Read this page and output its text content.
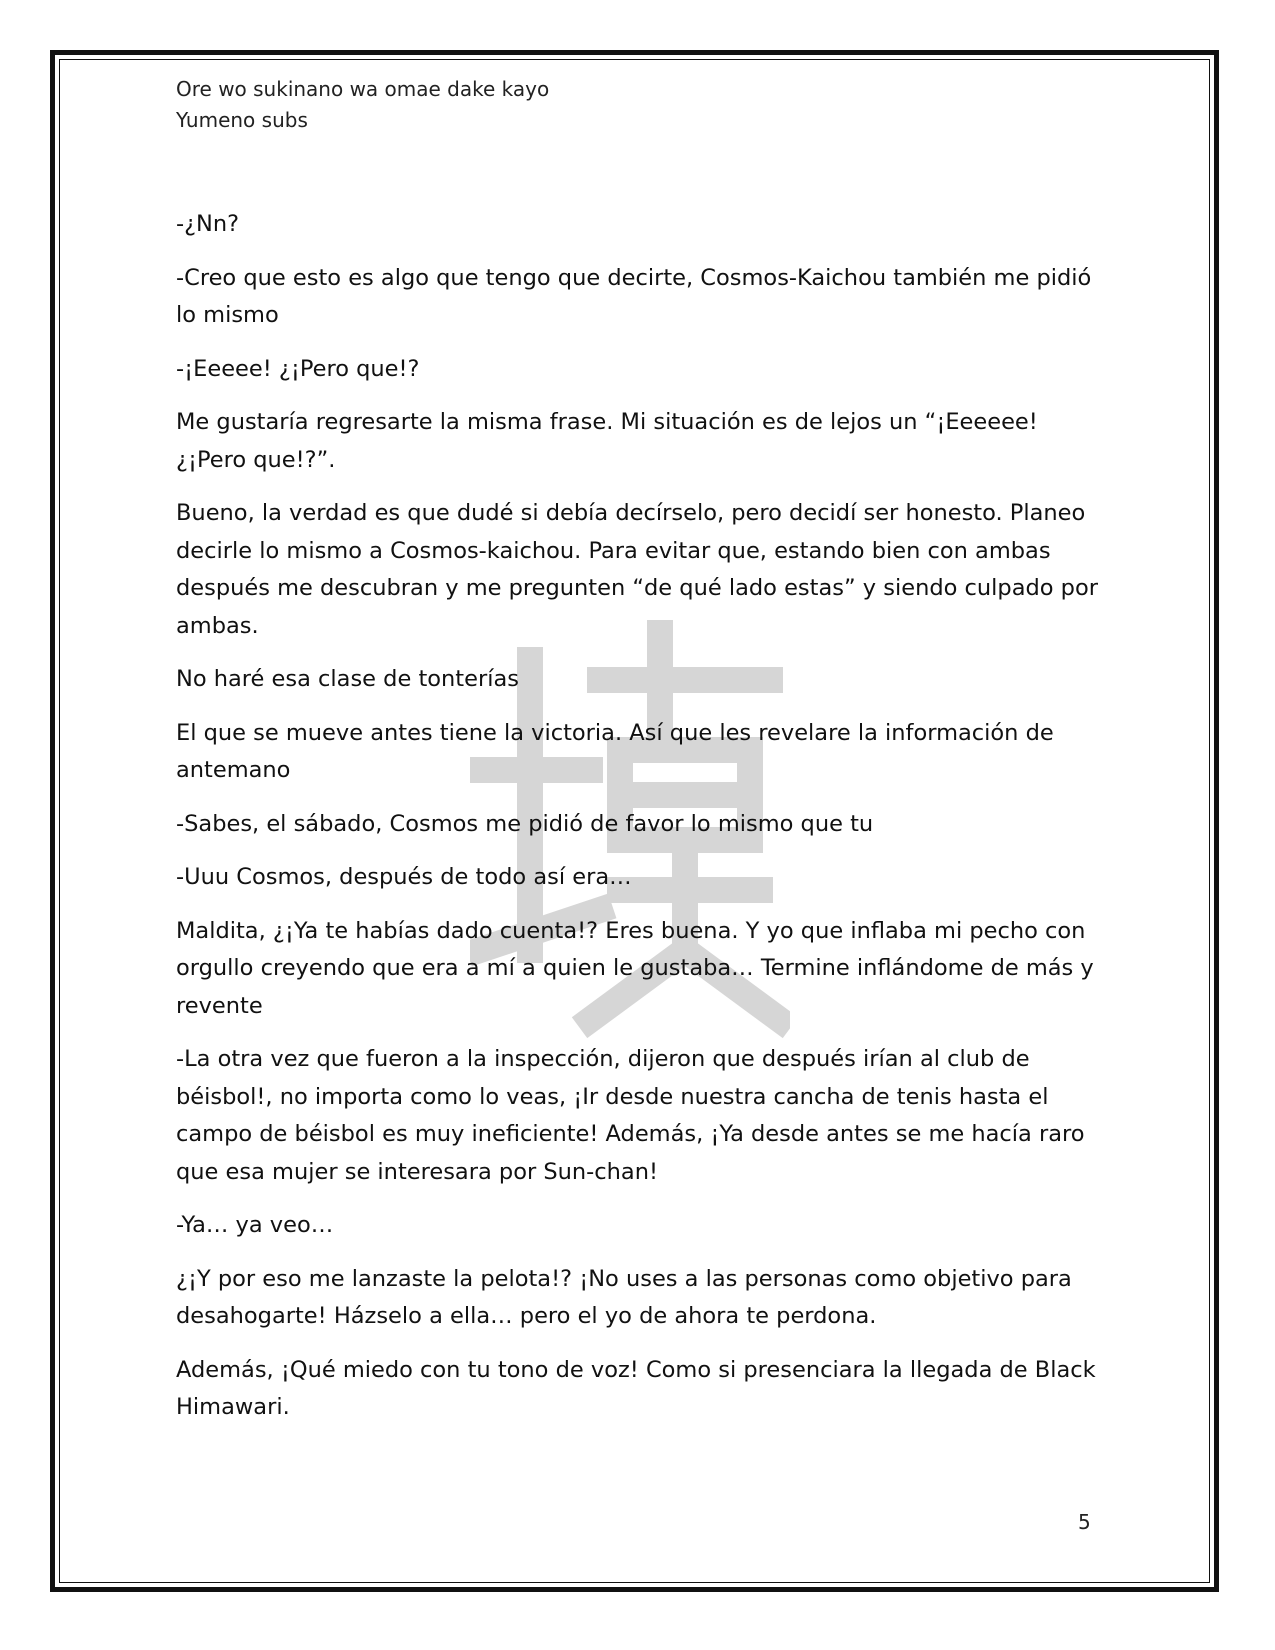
Ore wo sukinano wa omae dake kayo
Yumeno subs

-¿Nn?

-Creo que esto es algo que tengo que decirte, Cosmos-Kaichou también me pidió lo mismo

-¡Eeeee! ¿¡Pero que!?

Me gustaría regresarte la misma frase. Mi situación es de lejos un “¡Eeeeee! ¿¡Pero que!?”.

Bueno, la verdad es que dudé si debía decírselo, pero decidí ser honesto. Planeo decirle lo mismo a Cosmos-kaichou. Para evitar que, estando bien con ambas después me descubran y me pregunten “de qué lado estas” y siendo culpado por ambas.

No haré esa clase de tonterías

El que se mueve antes tiene la victoria. Así que les revelare la información de antemano

-Sabes, el sábado, Cosmos me pidió de favor lo mismo que tu

-Uuu Cosmos, después de todo así era…

Maldita, ¿¡Ya te habías dado cuenta!? Eres buena. Y yo que inflaba mi pecho con orgullo creyendo que era a mí a quien le gustaba… Termine inflándome de más y revente

-La otra vez que fueron a la inspección, dijeron que después irían al club de béisbol!, no importa como lo veas, ¡Ir desde nuestra cancha de tenis hasta el campo de béisbol es muy ineficiente! Además, ¡Ya desde antes se me hacía raro que esa mujer se interesara por Sun-chan!

-Ya… ya veo…

¿¡Y por eso me lanzaste la pelota!? ¡No uses a las personas como objetivo para desahogarte! Házselo a ella… pero el yo de ahora te perdona.

Además, ¡Qué miedo con tu tono de voz! Como si presenciara la llegada de Black Himawari.

5
